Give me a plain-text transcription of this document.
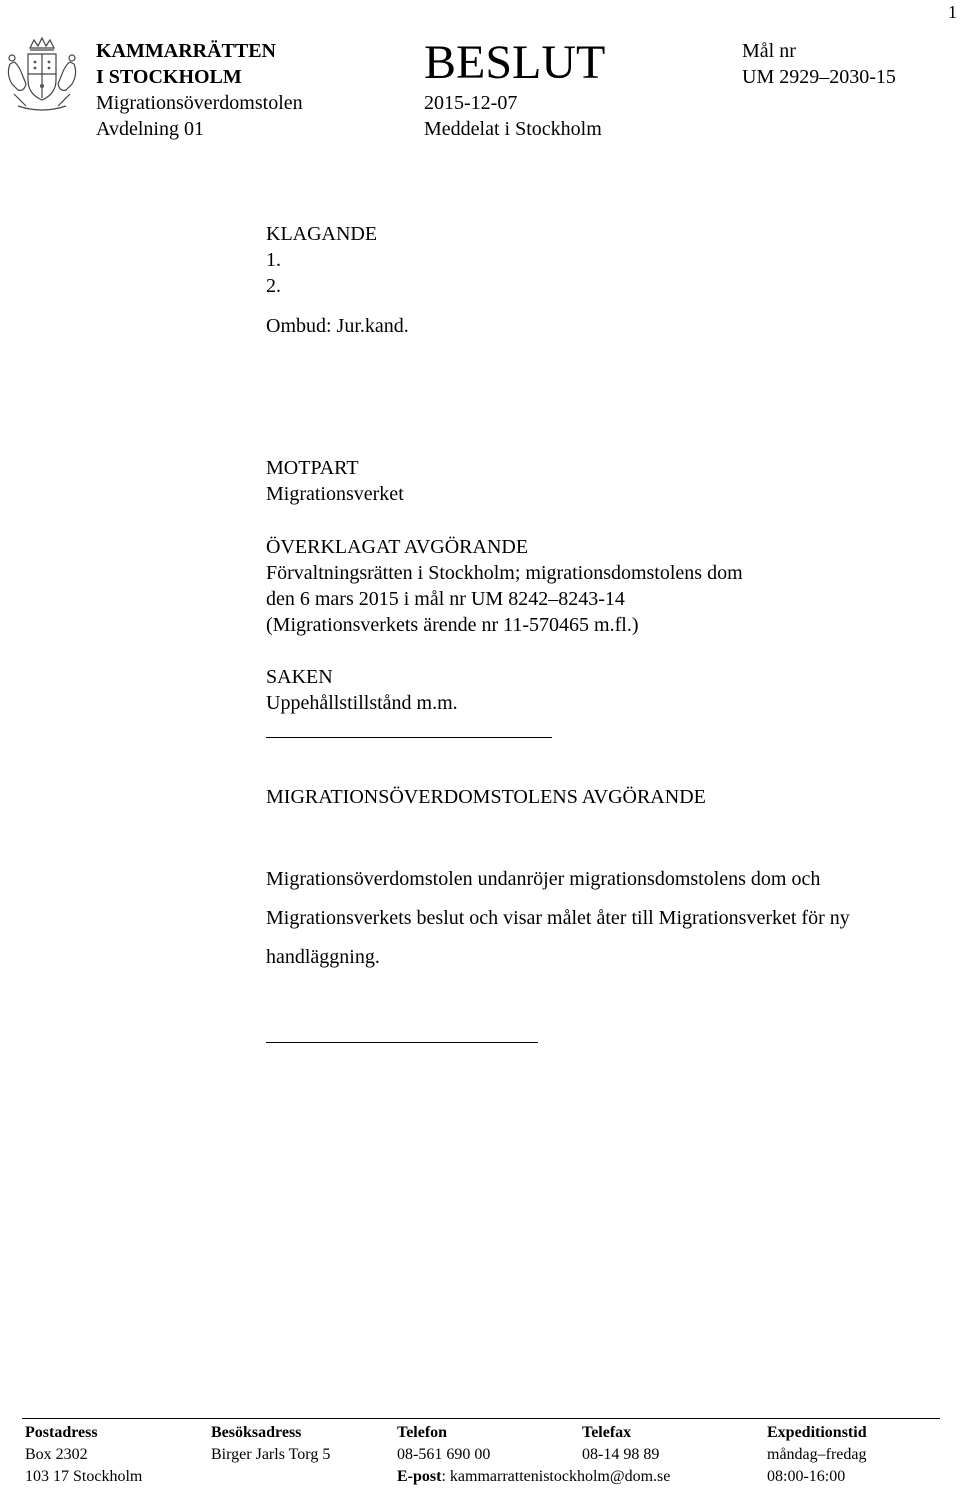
1
KAMMARRÄTTEN
I STOCKHOLM
Migrationsöverdomstolen
Avdelning 01
BESLUT
2015-12-07
Meddelat i Stockholm
Mål nr
UM 2929–2030-15
KLAGANDE
1.
2.
Ombud: Jur.kand.
MOTPART
Migrationsverket
ÖVERKLAGAT AVGÖRANDE
Förvaltningsrätten i Stockholm; migrationsdomstolens dom
den 6 mars 2015 i mål nr UM 8242–8243-14
(Migrationsverkets ärende nr 11-570465 m.fl.)
SAKEN
Uppehållstillstånd m.m.
MIGRATIONSÖVERDOMSTOLENS AVGÖRANDE
Migrationsöverdomstolen undanröjer migrationsdomstolens dom och Migrationsverkets beslut och visar målet åter till Migrationsverket för ny handläggning.
Postadress
Box 2302
103 17 Stockholm
Besöksadress
Birger Jarls Torg 5
Telefon
08-561 690 00
E-post: kammarrattenistockholm@dom.se
Telefax
08-14 98 89
Expeditionstid
måndag–fredag
08:00-16:00
